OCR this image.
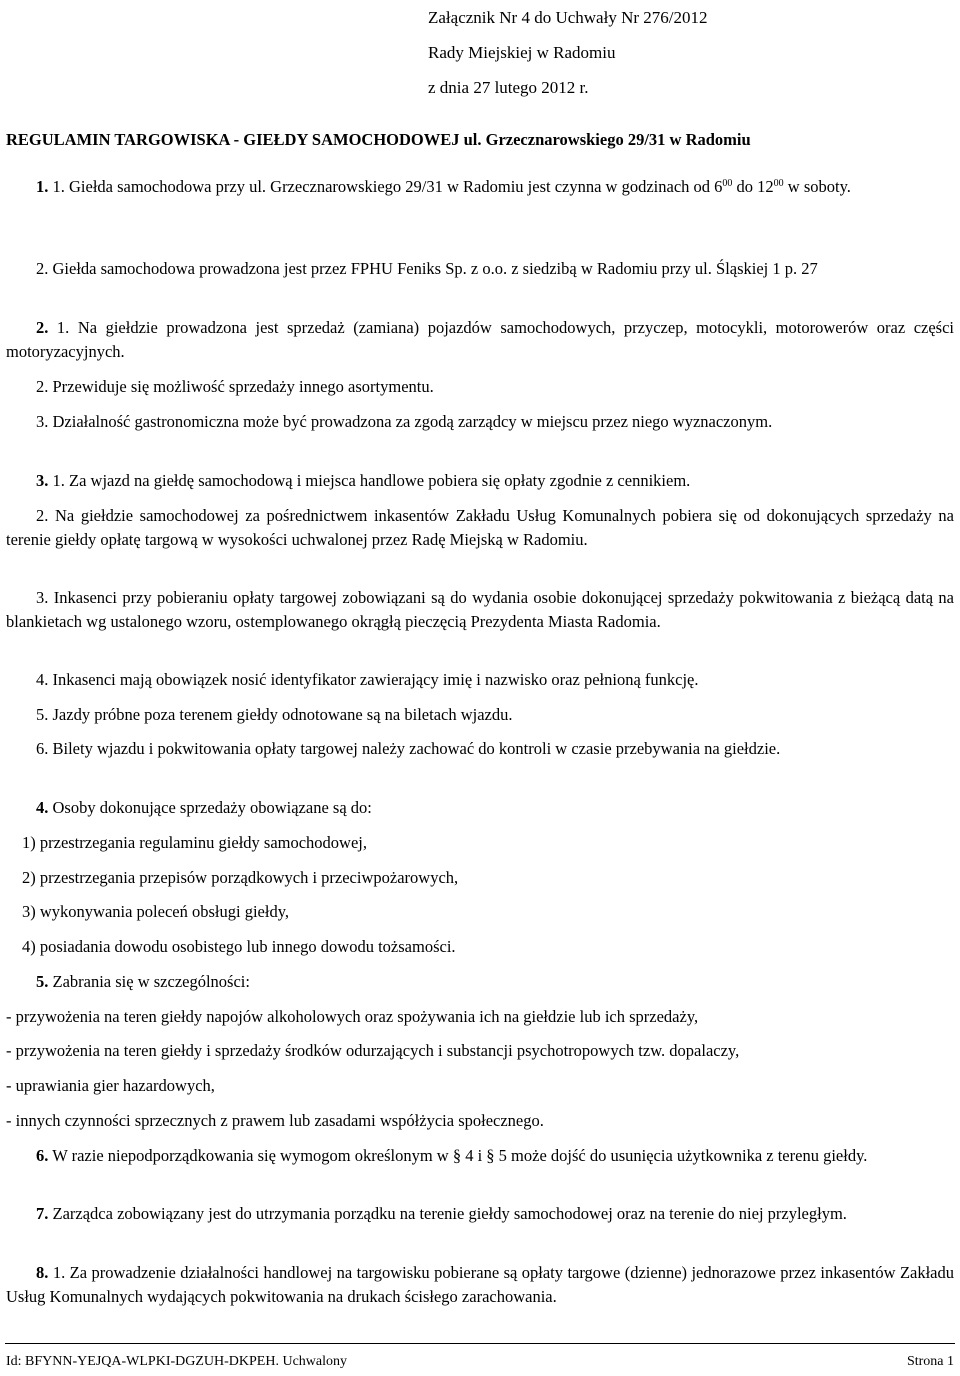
Załącznik Nr 4 do Uchwały Nr 276/2012
Rady Miejskiej w Radomiu
z dnia 27 lutego 2012 r.
REGULAMIN TARGOWISKA - GIEŁDY SAMOCHODOWEJ ul. Grzecznarowskiego 29/31 w Radomiu
1. 1. Giełda samochodowa przy ul. Grzecznarowskiego 29/31 w Radomiu jest czynna w godzinach od $6^{00}$ do $12^{00}$ w soboty.
2. Giełda samochodowa prowadzona jest przez FPHU Feniks Sp. z o.o. z siedzibą w Radomiu przy ul. Śląskiej 1 p. 27
2. 1. Na giełdzie prowadzona jest sprzedaż (zamiana) pojazdów samochodowych, przyczep, motocykli, motorowerów oraz części motoryzacyjnych.
2. Przewiduje się możliwość sprzedaży innego asortymentu.
3. Działalność gastronomiczna może być prowadzona za zgodą zarządcy w miejscu przez niego wyznaczonym.
3. 1. Za wjazd na giełdę samochodową i miejsca handlowe pobiera się opłaty zgodnie z cennikiem.
2. Na giełdzie samochodowej za pośrednictwem inkasentów Zakładu Usług Komunalnych pobiera się od dokonujących sprzedaży na terenie giełdy opłatę targową w wysokości uchwalonej przez Radę Miejską w Radomiu.
3. Inkasenci przy pobieraniu opłaty targowej zobowiązani są do wydania osobie dokonującej sprzedaży pokwitowania z bieżącą datą na blankietach wg ustalonego wzoru, ostemplowanego okrągłą pieczęcią Prezydenta Miasta Radomia.
4. Inkasenci mają obowiązek nosić identyfikator zawierający imię i nazwisko oraz pełnioną funkcję.
5. Jazdy próbne poza terenem giełdy odnotowane są na biletach wjazdu.
6. Bilety wjazdu i pokwitowania opłaty targowej należy zachować do kontroli w czasie przebywania na giełdzie.
4. Osoby dokonujące sprzedaży obowiązane są do:
1) przestrzegania regulaminu giełdy samochodowej,
2) przestrzegania przepisów porządkowych i przeciwpożarowych,
3) wykonywania poleceń obsługi giełdy,
4) posiadania dowodu osobistego lub innego dowodu tożsamości.
5. Zabrania się w szczególności:
- przywożenia na teren giełdy napojów alkoholowych oraz spożywania ich na giełdzie lub ich sprzedaży,
- przywożenia na teren giełdy i sprzedaży środków odurzających i substancji psychotropowych tzw. dopalaczy,
- uprawiania gier hazardowych,
- innych czynności sprzecznych z prawem lub zasadami współżycia społecznego.
6. W razie niepodporządkowania się wymogom określonym w § 4 i § 5 może dojść do usunięcia użytkownika z terenu giełdy.
7. Zarządca zobowiązany jest do utrzymania porządku na terenie giełdy samochodowej oraz na terenie do niej przyległym.
8. 1. Za prowadzenie działalności handlowej na targowisku pobierane są opłaty targowe (dzienne) jednorazowe przez inkasentów Zakładu Usług Komunalnych wydających pokwitowania na drukach ścisłego zarachowania.
Id: BFYNN-YEJQA-WLPKI-DGZUH-DKPEH. Uchwalony	Strona 1
